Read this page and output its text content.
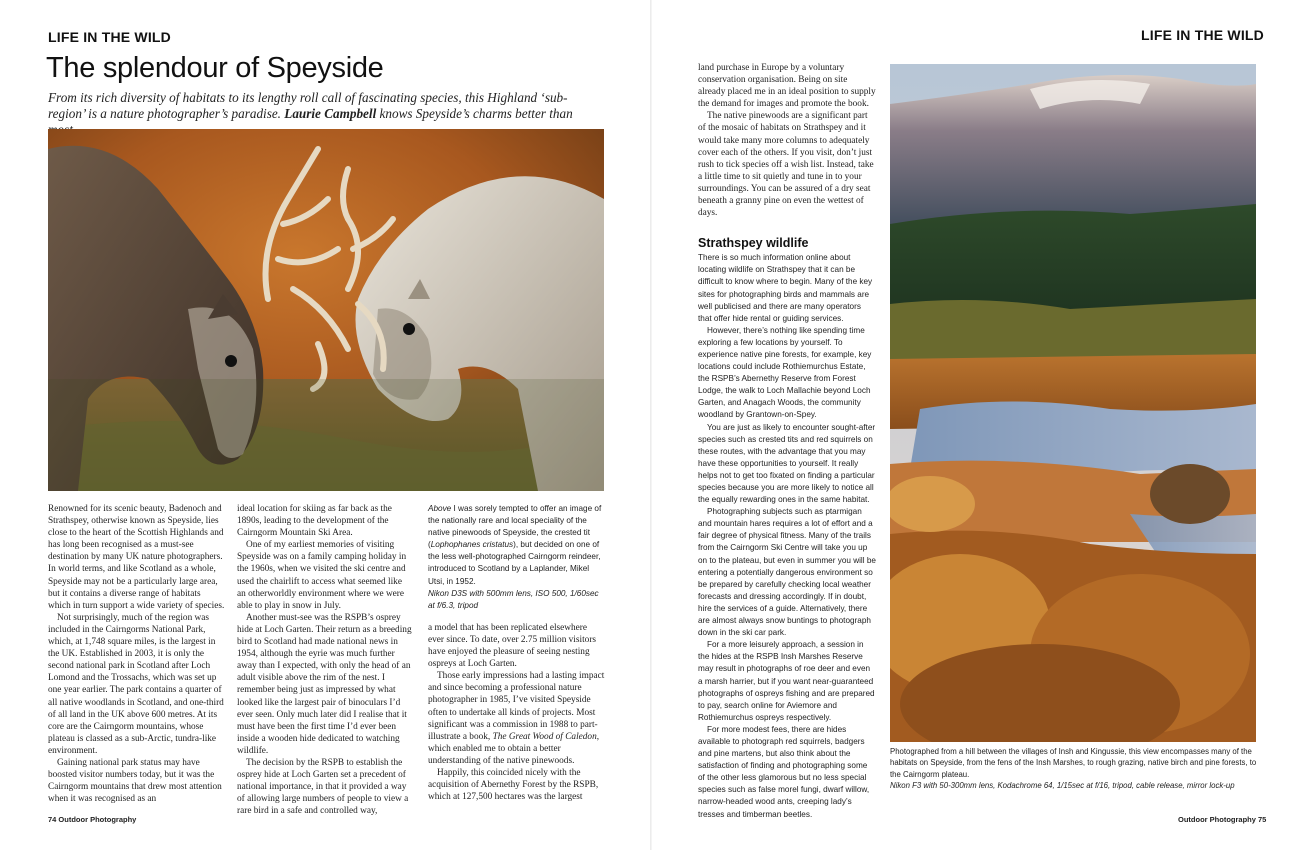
LIFE IN THE WILD
The splendour of Speyside
From its rich diversity of habitats to its lengthy roll call of fascinating species, this Highland ‘sub-region’ is a nature photographer’s paradise. Laurie Campbell knows Speyside’s charms better than

Renowned for its scenic beauty, Badenoch and Strathspey, otherwise known as Speyside, lies close to the heart of the Scottish Highlands and has long been recognised as a must-see destination by many UK nature photographers. In world terms, and like Scotland as a whole, Speyside may not be a particularly large area, but it contains a diverse range of habitats which in turn support a wide variety of species.

Not surprisingly, much of the region was included in the Cairngorms National Park, which, at 1,748 square miles, is the largest in the UK. Established in 2003, it is only the second national park in Scotland after Loch Lomond and the Trossachs, which was set up one year earlier. The park contains a quarter of all native woodlands in Scotland, and one-third of all land in the UK above 600 metres. At its core are the Cairngorm mountains, whose plateau is classed as a sub-Arctic, tundra-like environment.

Gaining national park status may have boosted visitor numbers today, but it was the Cairngorm mountains that drew most attention when it was recognised as an

ideal location for skiing as far back as the 1890s, leading to the development of the Cairngorm Mountain Ski Area.

One of my earliest memories of visiting Speyside was on a family camping holiday in the 1960s, when we visited the ski centre and used the chairlift to access what seemed like an otherworldly environment where we were able to play in snow in July.

Another must-see was the RSPB’s osprey hide at Loch Garten. Their return as a breeding bird to Scotland had made national news in 1954, although the eyrie was much further away than I expected, with only the head of an adult visible above the rim of the nest. I remember being just as impressed by what looked like the largest pair of binoculars I’d ever seen. Only much later did I realise that it must have been the first time I’d ever been inside a wooden hide dedicated to watching wildlife.

The decision by the RSPB to establish the osprey hide at Loch Garten set a precedent of national importance, in that it provided a way of allowing large numbers of people to view a rare bird in a safe and controlled way,

Above I was sorely tempted to offer an image of the nationally rare and local speciality of the native pinewoods of Speyside, the crested tit (Lophophanes cristatus), but decided on one of the less well-photographed Cairngorm reindeer, introduced to Scotland by a Laplander, Mikel Utsi, in 1952.
Nikon D3S with 500mm lens, ISO 500, 1/60sec at f/6.3, tripod

a model that has been replicated elsewhere ever since. To date, over 2.75 million visitors have enjoyed the pleasure of seeing nesting ospreys at Loch Garten.

Those early impressions had a lasting impact and since becoming a professional nature photographer in 1985, I’ve visited Speyside often to undertake all kinds of projects. Most significant was a commission in 1988 to part-illustrate a book, The Great Wood of Caledon, which enabled me to obtain a better understanding of the native pinewoods.

Happily, this coincided nicely with the acquisition of Abernethy Forest by the RSPB, which at 127,500 hectares was the largest

74 Outdoor Photography
LIFE IN THE WILD

land purchase in Europe by a voluntary conservation organisation. Being on site already placed me in an ideal position to supply the demand for images and promote the book.

The native pinewoods are a significant part of the mosaic of habitats on Strathspey and it would take many more columns to adequately cover each of the others. If you visit, don’t just rush to tick species off a wish list. Instead, take a little time to sit quietly and tune in to your surroundings. You can be assured of a dry seat beneath a granny pine on even the wettest of days.

Strathspey wildlife

There is so much information online about locating wildlife on Strathspey that it can be difficult to know where to begin. Many of the key sites for photographing birds and mammals are well publicised and there are many operators that offer hide rental or guiding services.

However, there’s nothing like spending time exploring a few locations by yourself. To experience native pine forests, for example, key locations could include Rothiemurchus Estate, the RSPB’s Abernethy Reserve from Forest Lodge, the walk to Loch Mallachie beyond Loch Garten, and Anagach Woods, the community woodland by Grantown-on-Spey.

You are just as likely to encounter sought-after species such as crested tits and red squirrels on these routes, with the advantage that you may have these opportunities to yourself. It really helps not to get too fixated on finding a particular species because you are more likely to notice all the equally rewarding ones in the same habitat.

Photographing subjects such as ptarmigan and mountain hares requires a lot of effort and a fair degree of physical fitness. Many of the trails from the Cairngorm Ski Centre will take you up on to the plateau, but even in summer you will be entering a potentially dangerous environment so be prepared by carefully checking local weather forecasts and dressing accordingly. If in doubt, hire the services of a guide. Alternatively, there are almost always snow buntings to photograph down in the ski car park.

For a more leisurely approach, a session in the hides at the RSPB Insh Marshes Reserve may result in photographs of roe deer and even a marsh harrier, but if you want near-guaranteed photographs of ospreys fishing and are prepared to pay, search online for Aviemore and Rothiemurchus ospreys respectively.

For more modest fees, there are hides available to photograph red squirrels, badgers and pine martens, but also think about the satisfaction of finding and photographing some of the other less glamorous but no less special species such as false morel fungi, dwarf willow, narrow-headed wood ants, creeping lady’s tresses and timberman beetles.

Photographed from a hill between the villages of Insh and Kingussie, this view encompasses many of the habitats on Speyside, from the fens of the Insh Marshes, to rough grazing, native birch and pine forests, to the Cairngorm plateau.
Nikon F3 with 50-300mm lens, Kodachrome 64, 1/15sec at f/16, tripod, cable release, mirror lock-up
Outdoor Photography 75
